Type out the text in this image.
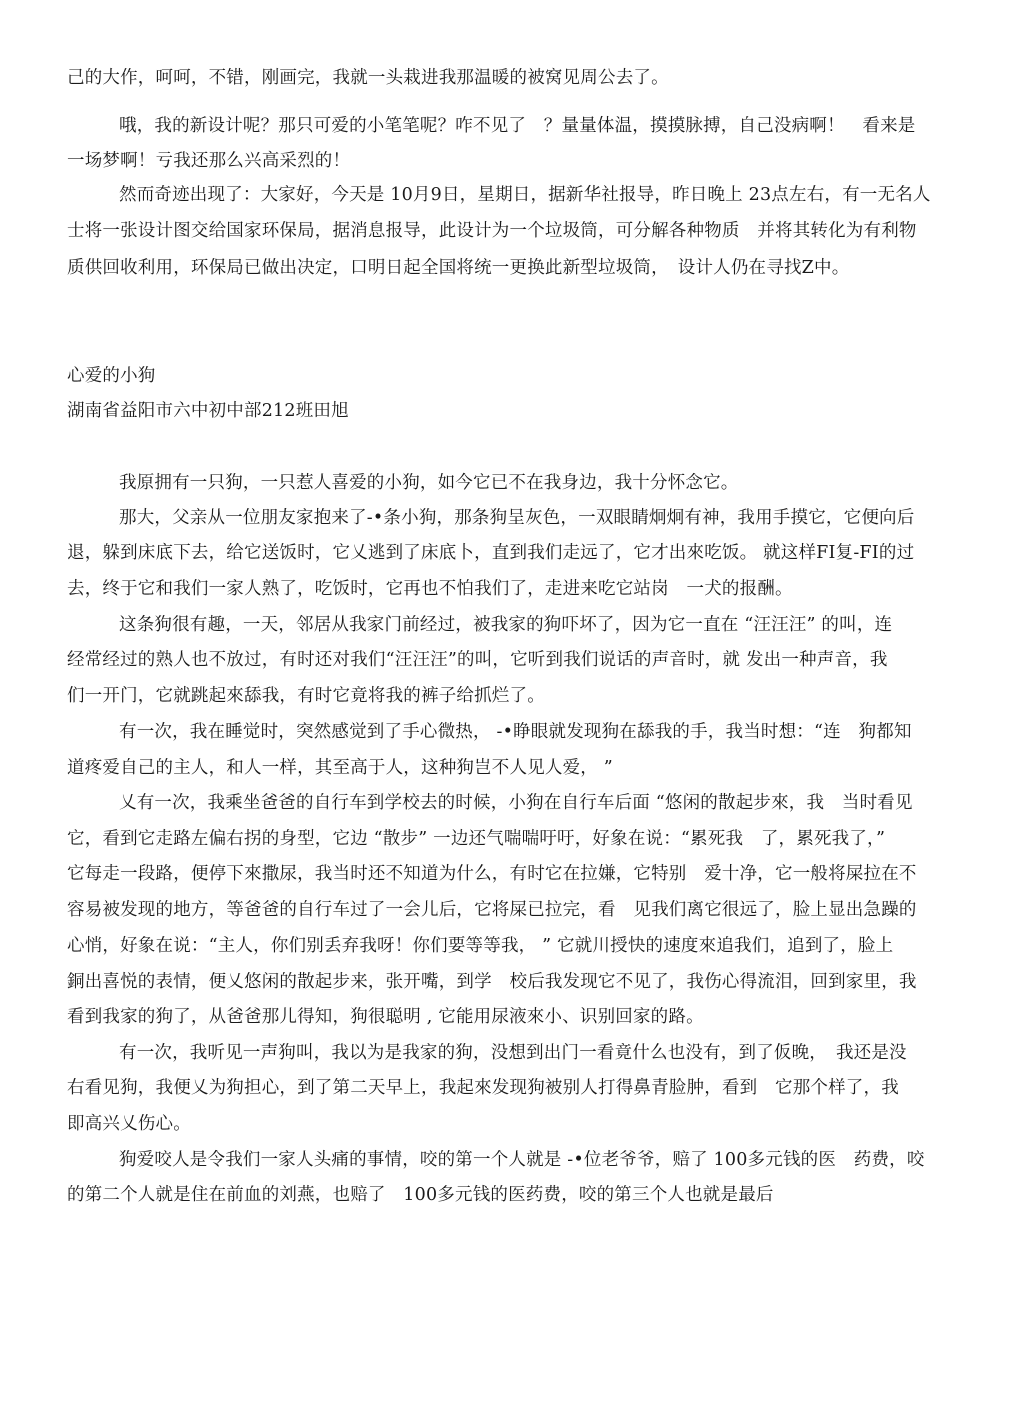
己的大作，呵呵，不错，刚画完，我就一头栽进我那温暖的被窝见周公去了。
哦，我的新设计呢？那只可爱的小笔笔呢？咋不见了　？量量体温，摸摸脉搏，自己没病啊！　看来是
一场梦啊！亏我还那么兴高采烈的！
然而奇迹出现了：大家好，今天是 10月9日，星期日，据新华社报导，昨日晚上 23点左右，有一无名人
士将一张设计图交给国家环保局，据消息报导，此设计为一个垃圾筒，可分解各种物质　并将其转化为有利物
质供回收利用，环保局已做出决定，口明日起全国将统一更换此新型垃圾筒，　设计人仍在寻找Z中。
心爱的小狗
湖南省益阳市六中初中部212班田旭
我原拥有一只狗，一只惹人喜爱的小狗，如今它已不在我身边，我十分怀念它。
那大，父亲从一位朋友家抱来了-•条小狗，那条狗呈灰色，一双眼睛炯炯有神，我用手摸它，它便向后
退，躲到床底下去，给它送饭时，它乂逃到了床底卜，直到我们走远了，它才出來吃饭。 就这样FI复-FI的过
去，终于它和我们一家人熟了，吃饭时，它再也不怕我们了，走进来吃它站岗　一犬的报酬。
这条狗很有趣，一天，邻居从我家门前经过，被我家的狗吓坏了，因为它一直在 “汪汪汪” 的叫，连
经常经过的熟人也不放过，有时还对我们“汪汪汪”的叫，它听到我们说话的声音时，就 发出一种声音，我
们一开门，它就跳起來舔我，有时它竟将我的裤子给抓烂了。
有一次，我在睡觉时，突然感觉到了手心微热， -•睁眼就发现狗在舔我的手，我当时想：“连　狗都知
道疼爱自己的主人，和人一样，其至高于人，这种狗岂不人见人爱， ”
乂有一次，我乘坐爸爸的自行车到学校去的时候，小狗在自行车后面 “悠闲的散起步來，我　当时看见
它，看到它走路左偏右拐的身型，它边 “散步” 一边还气喘喘吁吁，好象在说：“累死我　了，累死我了，”
它每走一段路，便停下來撒尿，我当时还不知道为什么，有时它在拉嫌，它特别　爱十净，它一般将屎拉在不
容易被发现的地方，等爸爸的自行车过了一会儿后，它将屎已拉完，看　见我们离它很远了，脸上显出急躁的
心悄，好象在说：“主人，你们别丢弃我呀！你们要等等我， ” 它就川授快的速度來追我们，追到了，脸上
銅出喜悦的表情，便乂悠闲的散起步来，张开嘴，到学　校后我发现它不见了，我伤心得流泪，回到家里，我
看到我家的狗了，从爸爸那儿得知，狗很聪明 , 它能用尿液來小、识别回家的路。
有一次，我听见一声狗叫，我以为是我家的狗，没想到出门一看竟什么也没有，到了仮晚，　我还是没
右看见狗，我便乂为狗担心，到了第二天早上，我起來发现狗被别人打得鼻青脸肿，看到　它那个样了，我
即高兴乂伤心。
狗爱咬人是令我们一家人头痛的事情，咬的第一个人就是 -•位老爷爷，赔了 100多元钱的医　药费，咬
的第二个人就是住在前血的刘燕，也赔了　100多元钱的医药费，咬的第三个人也就是最后
